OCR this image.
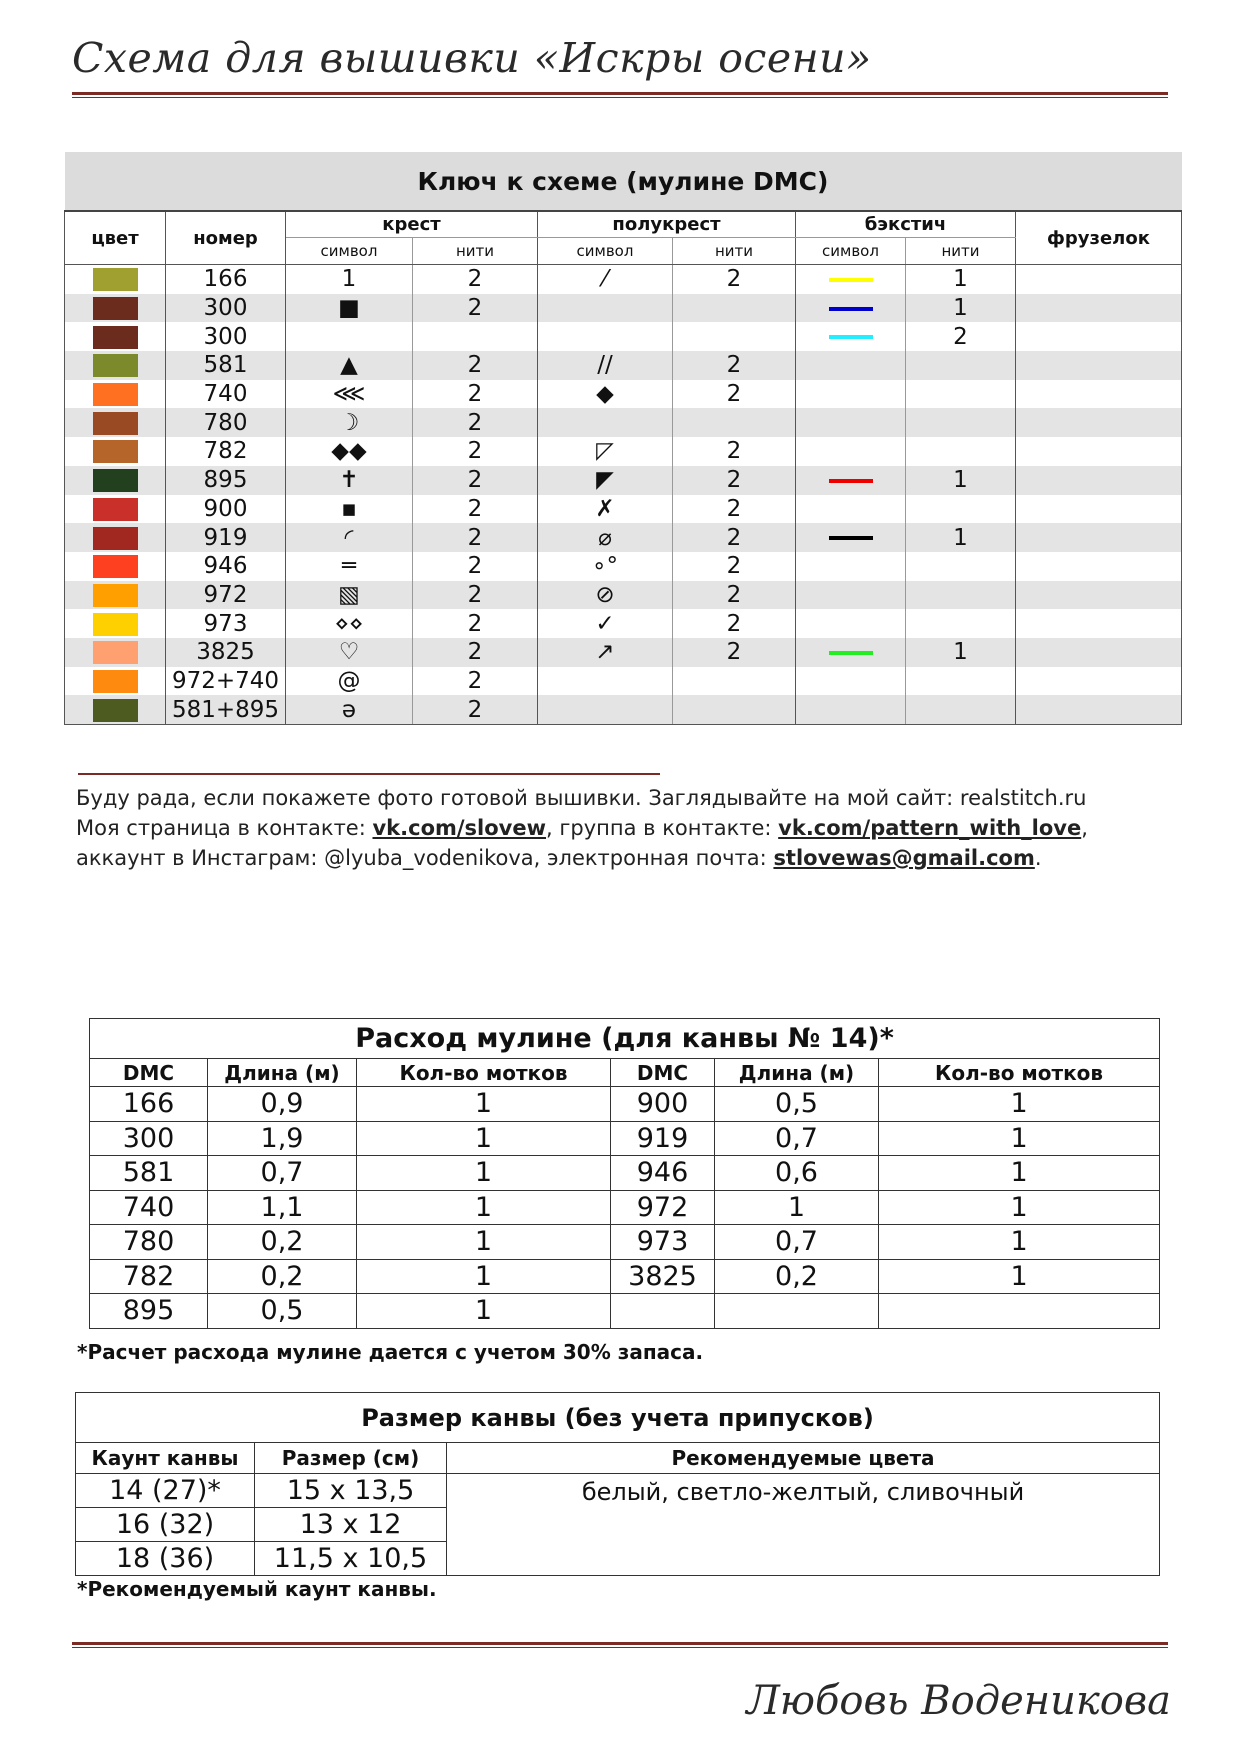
Схема для вышивки «Искры осени»
Ключ к схеме (мулине DMC)								
цвет	номер	крест		полукрест		бэкстич		фрузелок
		символ	нити	символ	нити	символ	нити	
	166	1	2	⁄	2		1	
	300	■	2				1	
	300						2	
	581	▲	2	//	2			
	740	⋘	2	◆	2			
	780	☽	2					
	782	◆◆	2	◸	2			
	895	✝	2	◤	2		1	
	900	▪	2	✗	2			
	919	◜	2	⌀	2		1	
	946	═	2	∘°	2			
	972	▧	2	⊘	2			
	973	⋄⋄	2	✓	2			
	3825	♡	2	↗	2		1	
	972+740	@	2					
	581+895	ə	2					
Буду рада, если покажете фото готовой вышивки. Заглядывайте на мой сайт: realstitch.ru
Моя страница в контакте: vk.com/slovew, группа в контакте: vk.com/pattern_with_love,
аккаунт в Инстаграм: @lyuba_vodenikova, электронная почта: stlovewas@gmail.com.
Расход мулине (для канвы № 14)*					
DMC	Длина (м)	Кол-во мотков	DMC	Длина (м)	Кол-во мотков
166	0,9	1	900	0,5	1
300	1,9	1	919	0,7	1
581	0,7	1	946	0,6	1
740	1,1	1	972	1	1
780	0,2	1	973	0,7	1
782	0,2	1	3825	0,2	1
895	0,5	1			
*Расчет расхода мулине дается с учетом 30% запаса.
Размер канвы (без учета припусков)		
Каунт канвы	Размер (см)	Рекомендуемые цвета
14 (27)*	15 х 13,5	белый, светло-желтый, сливочный

16 (32)	13 х 12	
18 (36)	11,5 х 10,5	
*Рекомендуемый каунт канвы.
Любовь Воденикова
